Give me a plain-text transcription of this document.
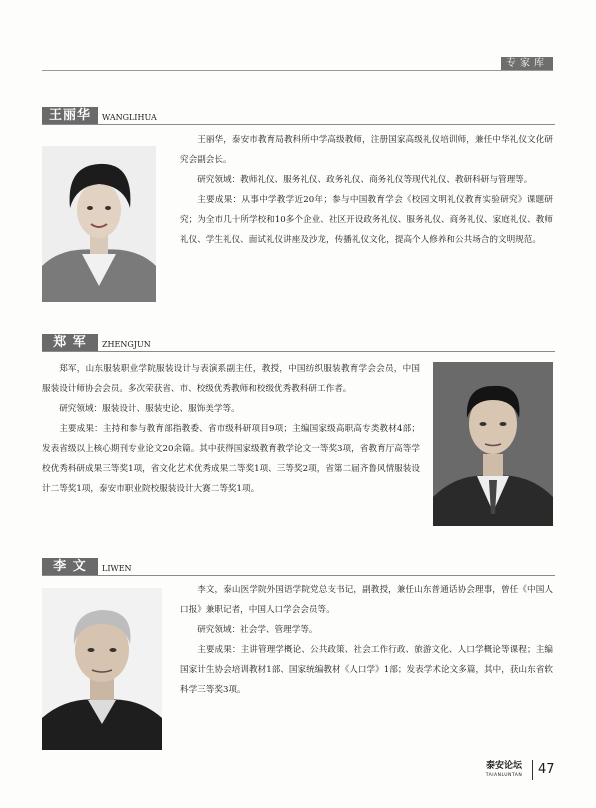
专家库
王丽华	WANGLIHUA

王丽华，泰安市教育局教科所中学高级教师，注册国家高级礼仪培训师，兼任中华礼仪文化研究会副会长。

研究领域：教师礼仪、服务礼仪、政务礼仪、商务礼仪等现代礼仪、教研科研与管理等。

主要成果：从事中学教学近20年；参与中国教育学会《校园文明礼仪教育实验研究》课题研究；为全市几十所学校和10多个企业、社区开设政务礼仪、服务礼仪、商务礼仪、家庭礼仪、教师礼仪、学生礼仪、面试礼仪讲座及沙龙，传播礼仪文化，提高个人修养和公共场合的文明规范。

郑 军	ZHENGJUN

郑军，山东服装职业学院服装设计与表演系副主任，教授，中国纺织服装教育学会会员，中国服装设计师协会会员。多次荣获省、市、校级优秀教师和校级优秀教科研工作者。

研究领域：服装设计、服装史论、服饰美学等。

主要成果：主持和参与教育部指教委、省市级科研项目9项；主编国家级高职高专类教材4部；发表省级以上核心期刊专业论文20余篇。其中获得国家级教育教学论文一等奖3项，省教育厅高等学校优秀科研成果三等奖1项，省文化艺术优秀成果二等奖1项、三等奖2项，省第二届齐鲁风情服装设计二等奖1项，泰安市职业院校服装设计大赛二等奖1项。

李 文	LIWEN

李文，泰山医学院外国语学院党总支书记，副教授，兼任山东普通话协会理事，曾任《中国人口报》兼职记者，中国人口学会会员等。

研究领域：社会学、管理学等。

主要成果：主讲管理学概论、公共政策、社会工作行政、旅游文化、人口学概论等课程；主编国家计生协会培训教材1部、国家统编教材《人口学》1部；发表学术论文多篇，其中，获山东省软科学三等奖3项。

泰安论坛
TAIANLUNTAN	47
